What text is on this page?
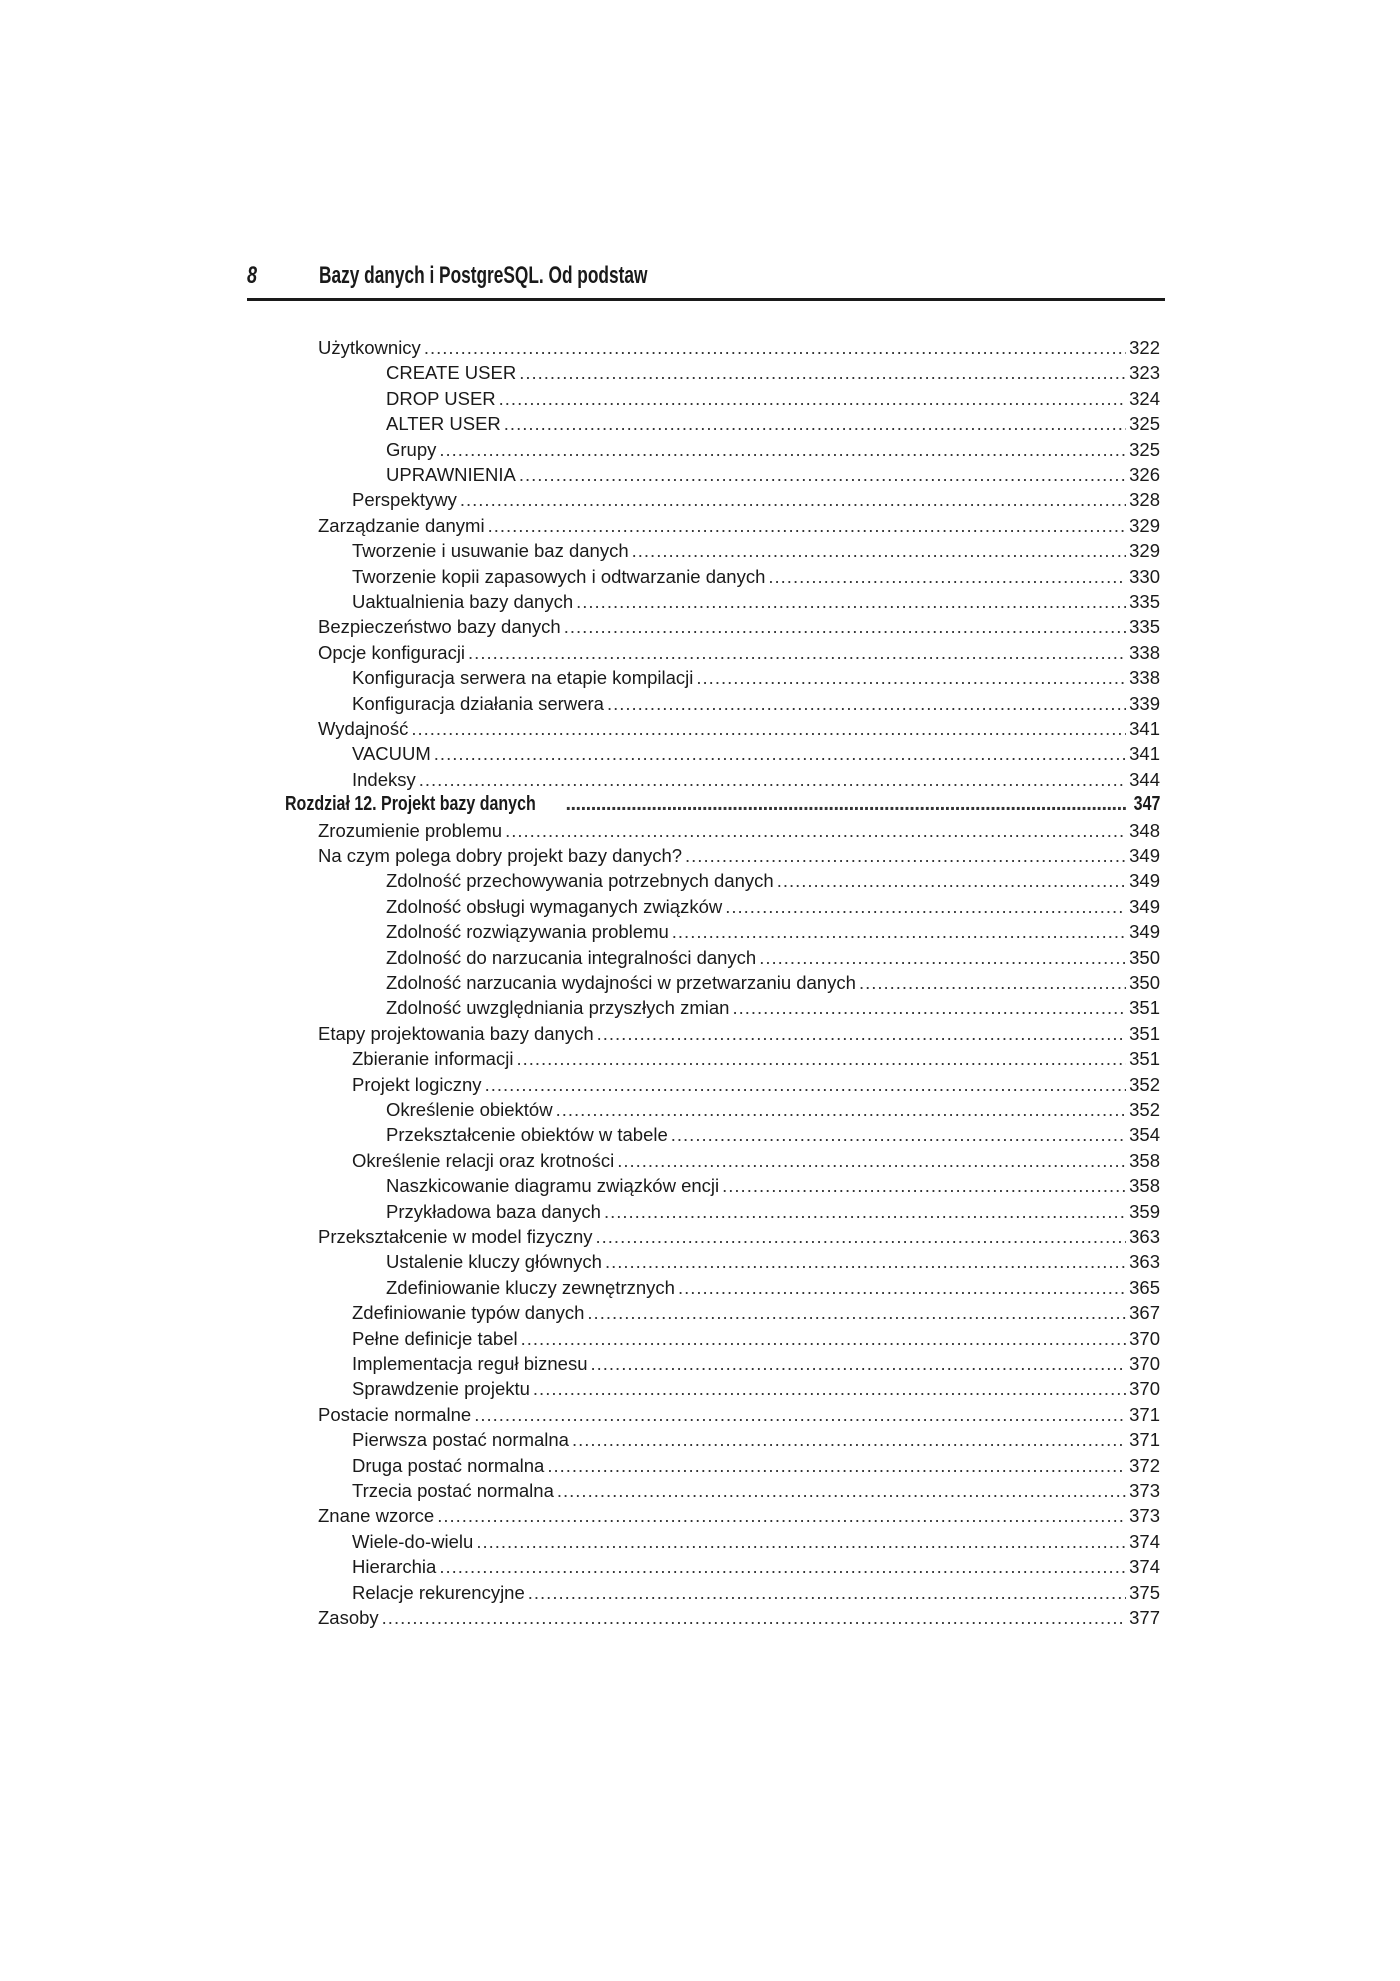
8	Bazy danych i PostgreSQL. Od podstaw
Użytkownicy .....	322
CREATE USER .....	323
DROP USER .....	324
ALTER USER .....	325
Grupy .....	325
UPRAWNIENIA .....	326
Perspektywy .....	328
Zarządzanie danymi .....	329
Tworzenie i usuwanie baz danych .....	329
Tworzenie kopii zapasowych i odtwarzanie danych .....	330
Uaktualnienia bazy danych .....	335
Bezpieczeństwo bazy danych .....	335
Opcje konfiguracji .....	338
Konfiguracja serwera na etapie kompilacji .....	338
Konfiguracja działania serwera .....	339
Wydajność .....	341
VACUUM .....	341
Indeksy .....	344
Rozdział 12. Projekt bazy danych .....	347
Zrozumienie problemu .....	348
Na czym polega dobry projekt bazy danych? .....	349
Zdolność przechowywania potrzebnych danych .....	349
Zdolność obsługi wymaganych związków .....	349
Zdolność rozwiązywania problemu .....	349
Zdolność do narzucania integralności danych .....	350
Zdolność narzucania wydajności w przetwarzaniu danych .....	350
Zdolność uwzględniania przyszłych zmian .....	351
Etapy projektowania bazy danych .....	351
Zbieranie informacji .....	351
Projekt logiczny .....	352
Określenie obiektów .....	352
Przekształcenie obiektów w tabele .....	354
Określenie relacji oraz krotności .....	358
Naszkicowanie diagramu związków encji .....	358
Przykładowa baza danych .....	359
Przekształcenie w model fizyczny .....	363
Ustalenie kluczy głównych .....	363
Zdefiniowanie kluczy zewnętrznych .....	365
Zdefiniowanie typów danych .....	367
Pełne definicje tabel .....	370
Implementacja reguł biznesu .....	370
Sprawdzenie projektu .....	370
Postacie normalne .....	371
Pierwsza postać normalna .....	371
Druga postać normalna .....	372
Trzecia postać normalna .....	373
Znane wzorce .....	373
Wiele-do-wielu .....	374
Hierarchia .....	374
Relacje rekurencyjne .....	375
Zasoby .....	377
